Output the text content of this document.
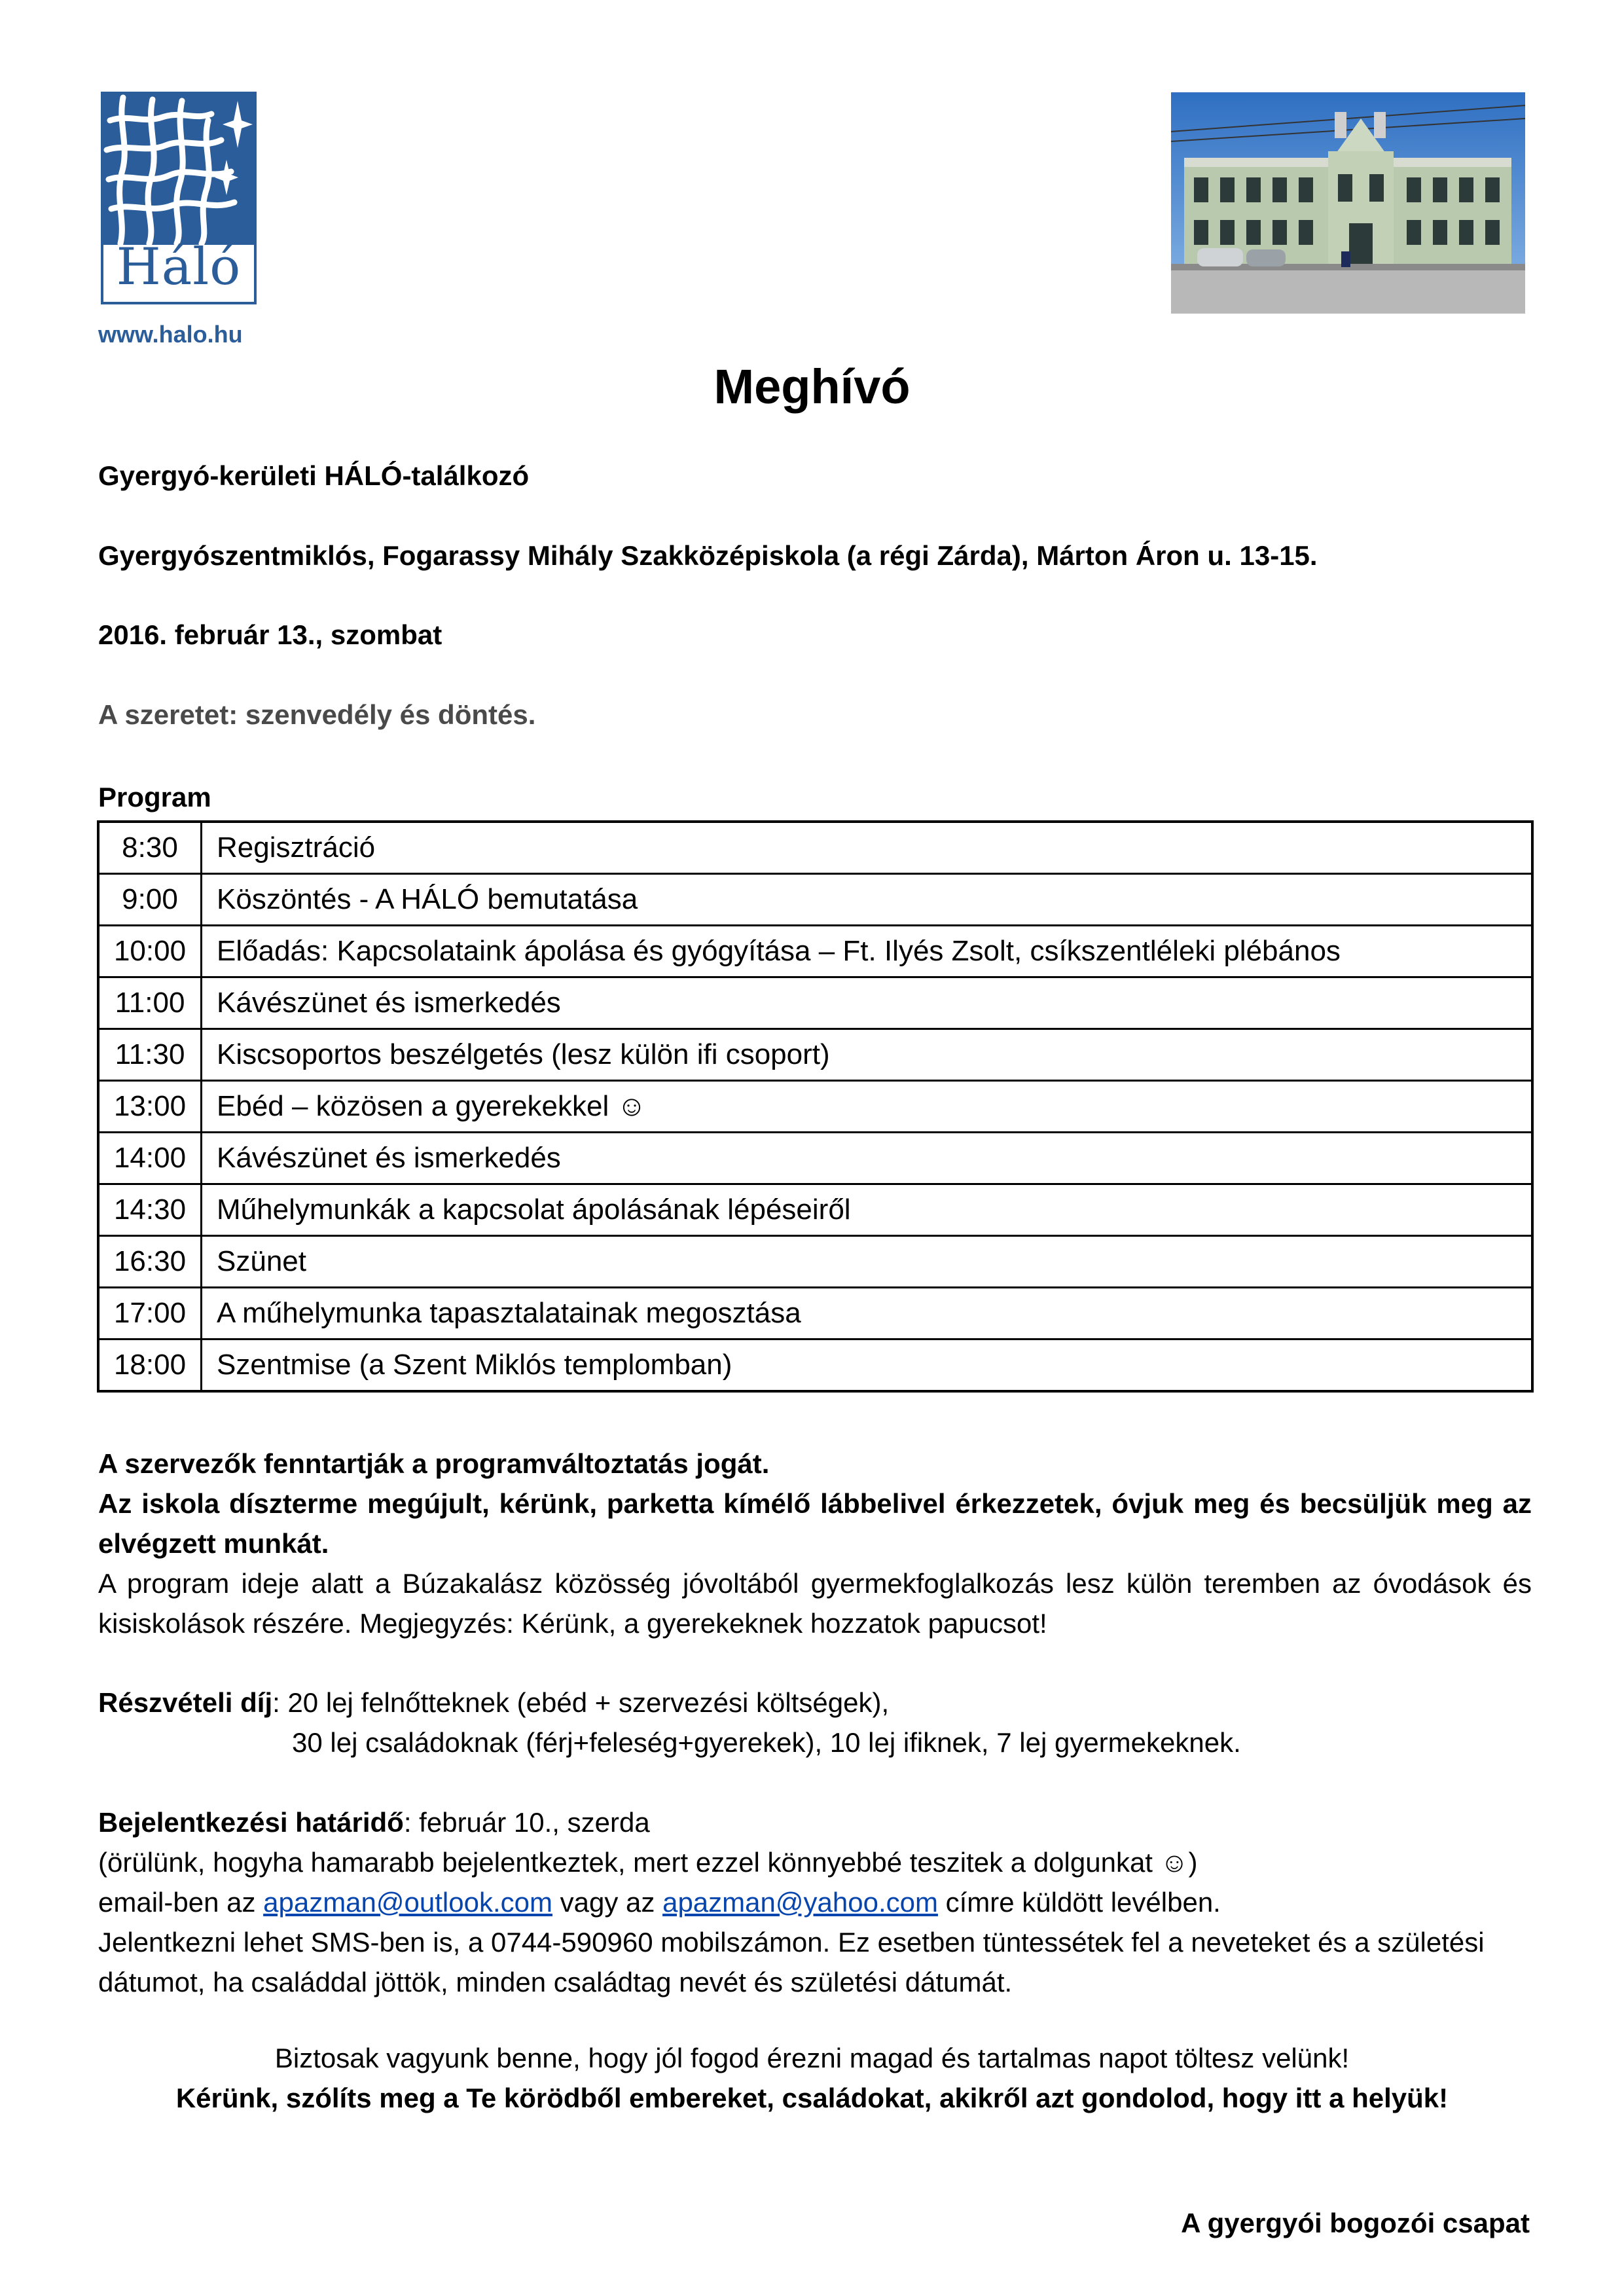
Háló
www.halo.hu
Meghívó
Gyergyó-kerületi HÁLÓ-találkozó
Gyergyószentmiklós, Fogarassy Mihály Szakközépiskola (a régi Zárda), Márton Áron u. 13-15.
2016. február 13., szombat
A szeretet: szenvedély és döntés.
Program
8:30	Regisztráció
9:00	Köszöntés - A HÁLÓ bemutatása
10:00	Előadás: Kapcsolataink ápolása és gyógyítása – Ft. Ilyés Zsolt, csíkszentléleki plébános
11:00	Kávészünet és ismerkedés
11:30	Kiscsoportos beszélgetés (lesz külön ifi csoport)
13:00	Ebéd – közösen a gyerekekkel ☺
14:00	Kávészünet és ismerkedés
14:30	Műhelymunkák a kapcsolat ápolásának lépéseiről
16:30	Szünet
17:00	A műhelymunka tapasztalatainak megosztása
18:00	Szentmise (a Szent Miklós templomban)

A szervezők fenntartják a programváltoztatás jogát.

Az iskola díszterme megújult, kérünk, parketta kímélő lábbelivel érkezzetek, óvjuk meg és becsüljük meg az elvégzett munkát.

A program ideje alatt a Búzakalász közösség jóvoltából gyermekfoglalkozás lesz külön teremben az óvodások és kisiskolások részére. Megjegyzés: Kérünk, a gyerekeknek hozzatok papucsot!

Részvételi díj: 20 lej felnőtteknek (ebéd + szervezési költségek),

30 lej családoknak (férj+feleség+gyerekek), 10 lej ifiknek, 7 lej gyermekeknek.

Bejelentkezési határidő: február 10., szerda

(örülünk, hogyha hamarabb bejelentkeztek, mert ezzel könnyebbé teszitek a dolgunkat ☺)

email-ben az apazman@outlook.com vagy az apazman@yahoo.com címre küldött levélben.

Jelentkezni lehet SMS-ben is, a 0744-590960 mobilszámon. Ez esetben tüntessétek fel a neveteket és a születési dátumot, ha családdal jöttök, minden családtag nevét és születési dátumát.

Biztosak vagyunk benne, hogy jól fogod érezni magad és tartalmas napot töltesz velünk!
Kérünk, szólíts meg a Te körödből embereket, családokat, akikről azt gondolod, hogy itt a helyük!
A gyergyói bogozói csapat
